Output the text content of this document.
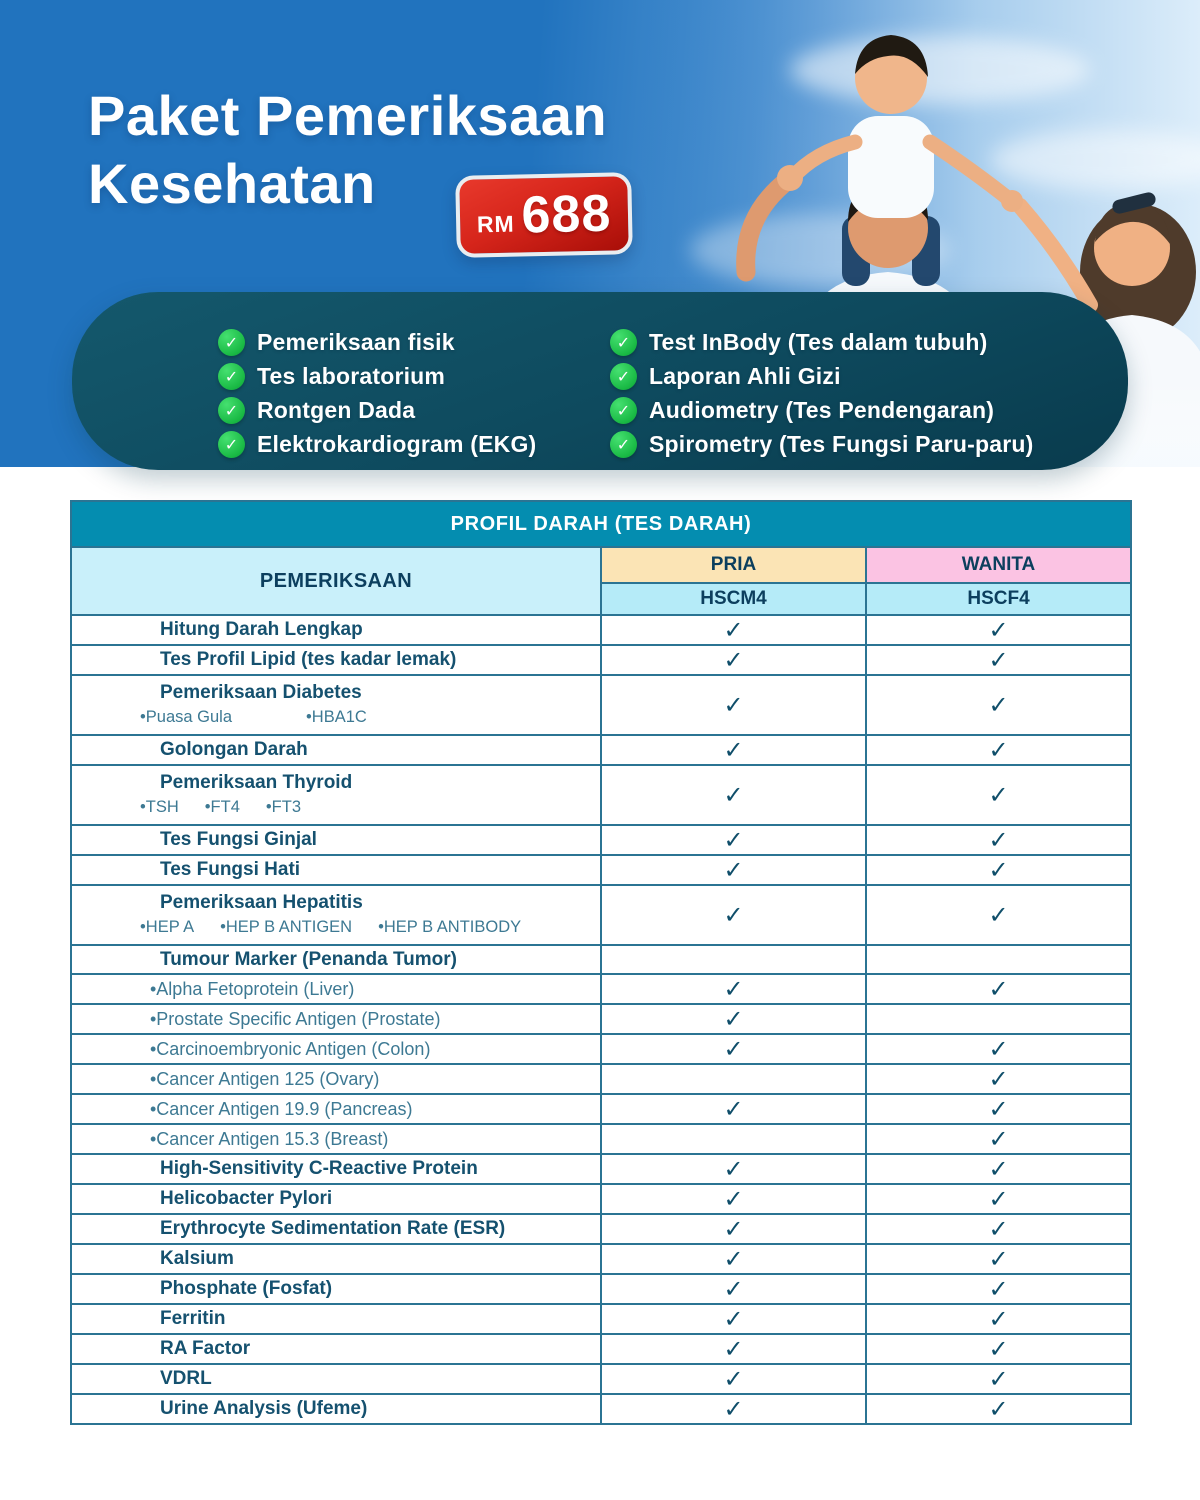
Paket Pemeriksaan
Kesehatan
RM 688
✓ Pemeriksaan fisik
✓ Tes laboratorium
✓ Rontgen Dada
✓ Elektrokardiogram (EKG)
✓ Test InBody (Tes dalam tubuh)
✓ Laporan Ahli Gizi
✓ Audiometry (Tes Pendengaran)
✓ Spirometry (Tes Fungsi Paru-paru)
PROFIL DARAH (TES DARAH)		
PEMERIKSAAN	PRIA	WANITA
	HSCM4	HSCF4

Hitung Darah Lengkap	✓	✓

Tes Profil Lipid (tes kadar lemak)	✓	✓

Pemeriksaan Diabetes
•Puasa Gula •HBA1C	✓	✓

Golongan Darah	✓	✓

Pemeriksaan Thyroid
•TSH •FT4 •FT3	✓	✓

Tes Fungsi Ginjal	✓	✓

Tes Fungsi Hati	✓	✓

Pemeriksaan Hepatitis
•HEP A •HEP B ANTIGEN •HEP B ANTIBODY	✓	✓

Tumour Marker (Penanda Tumor)		

•Alpha Fetoprotein (Liver)	✓	✓

•Prostate Specific Antigen (Prostate)	✓	

•Carcinoembryonic Antigen (Colon)	✓	✓

•Cancer Antigen 125 (Ovary)		✓

•Cancer Antigen 19.9 (Pancreas)	✓	✓

•Cancer Antigen 15.3 (Breast)		✓

High-Sensitivity C-Reactive Protein	✓	✓

Helicobacter Pylori	✓	✓

Erythrocyte Sedimentation Rate (ESR)	✓	✓

Kalsium	✓	✓

Phosphate (Fosfat)	✓	✓

Ferritin	✓	✓

RA Factor	✓	✓

VDRL	✓	✓

Urine Analysis (Ufeme)	✓	✓
